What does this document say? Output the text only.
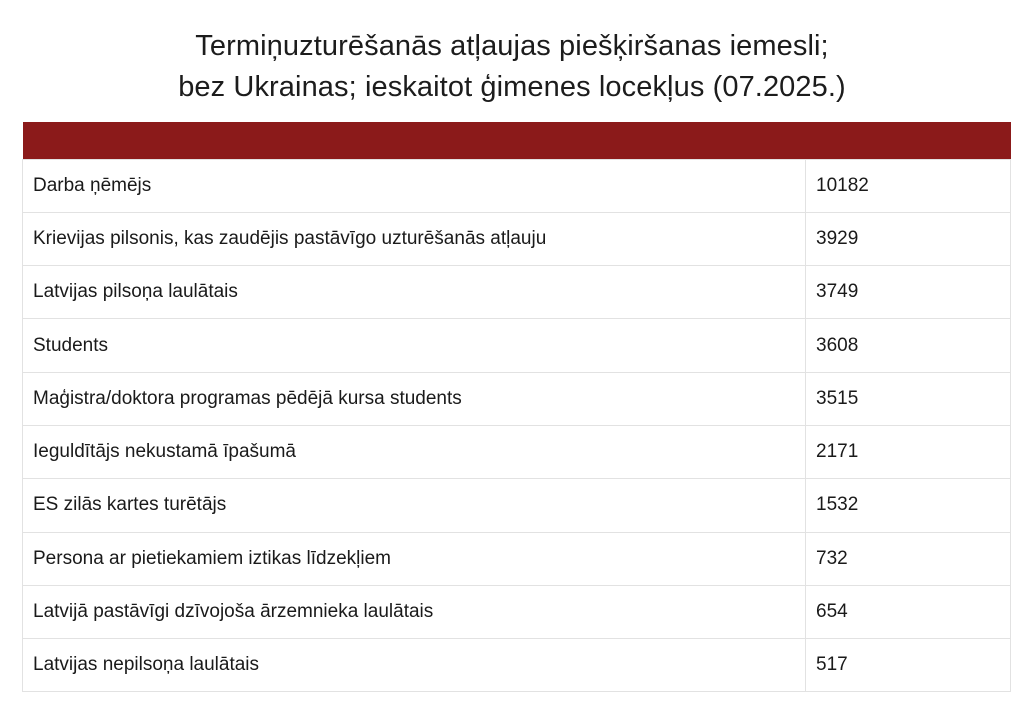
Termiņuzturēšanās atļaujas piešķiršanas iemesli;
bez Ukrainas; ieskaitot ģimenes locekļus (07.2025.)

Darba ņēmējs	10182
Krievijas pilsonis, kas zaudējis pastāvīgo uzturēšanās atļauju	3929
Latvijas pilsoņa laulātais	3749
Students	3608
Maģistra/doktora programas pēdējā kursa students	3515
Ieguldītājs nekustamā īpašumā	2171
ES zilās kartes turētājs	1532
Persona ar pietiekamiem iztikas līdzekļiem	732
Latvijā pastāvīgi dzīvojoša ārzemnieka laulātais	654
Latvijas nepilsoņa laulātais	517
